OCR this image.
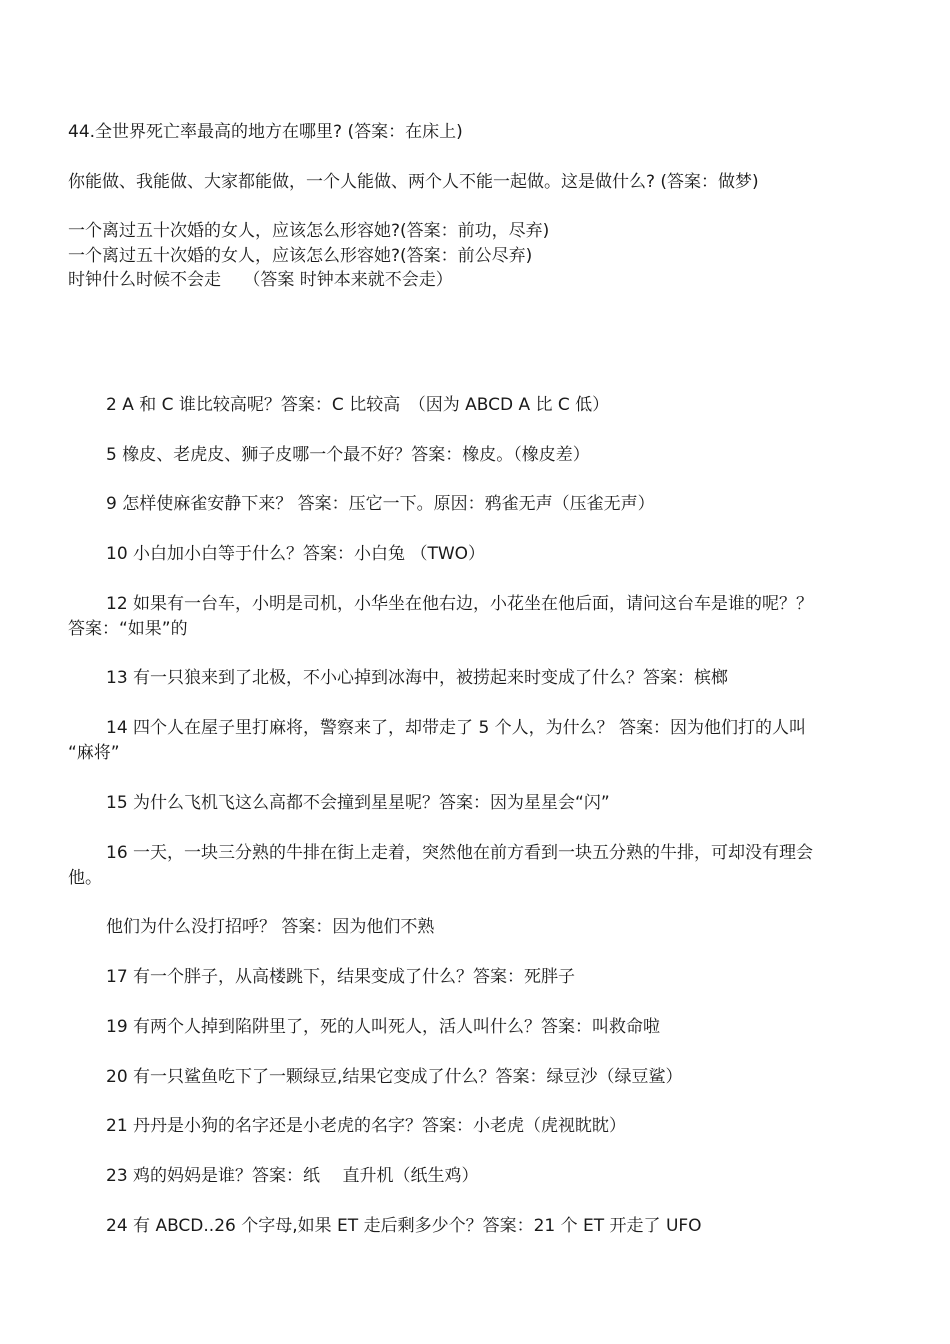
44.全世界死亡率最高的地方在哪里? (答案：在床上)

你能做、我能做、大家都能做，一个人能做、两个人不能一起做。这是做什么? (答案：做梦)

一个离过五十次婚的女人，应该怎么形容她?(答案：前功，尽弃)

一个离过五十次婚的女人，应该怎么形容她?(答案：前公尽弃)

时钟什么时候不会走　 （答案 时钟本来就不会走）

2 A 和 C 谁比较高呢？答案：C 比较高　（因为 ABCD A 比 C 低）

5 橡皮、老虎皮、狮子皮哪一个最不好？答案：橡皮。（橡皮差）

9 怎样使麻雀安静下来？ 答案：压它一下。原因：鸦雀无声（压雀无声）

10 小白加小白等于什么？答案：小白兔 （TWO）

12 如果有一台车，小明是司机，小华坐在他右边，小花坐在他后面，请问这台车是谁的呢？？

答案：“如果”的

13 有一只狼来到了北极，不小心掉到冰海中，被捞起来时变成了什么？答案：槟榔

14 四个人在屋子里打麻将，警察来了，却带走了 5 个人，为什么？ 答案：因为他们打的人叫

“麻将”

15 为什么飞机飞这么高都不会撞到星星呢？答案：因为星星会“闪”

16 一天，一块三分熟的牛排在街上走着，突然他在前方看到一块五分熟的牛排，可却没有理会

他。

他们为什么没打招呼？ 答案：因为他们不熟

17 有一个胖子，从高楼跳下，结果变成了什么？答案：死胖子

19 有两个人掉到陷阱里了，死的人叫死人，活人叫什么？答案：叫救命啦

20 有一只鲨鱼吃下了一颗绿豆,结果它变成了什么？答案：绿豆沙（绿豆鲨）

21 丹丹是小狗的名字还是小老虎的名字？答案：小老虎（虎视眈眈）

23 鸡的妈妈是谁？答案：纸　 直升机（纸生鸡）

24 有 ABCD..26 个字母,如果 ET 走后剩多少个？答案：21 个 ET 开走了 UFO
